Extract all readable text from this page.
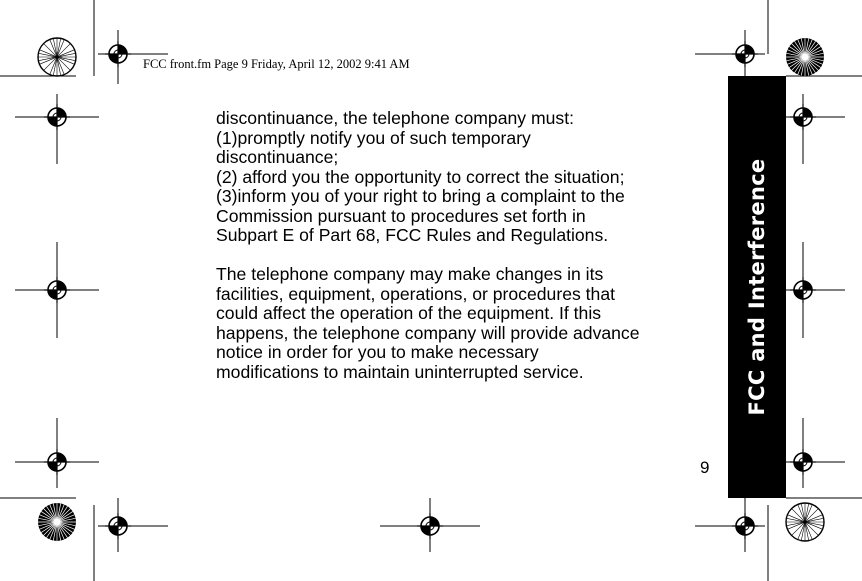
FCC front.fm Page 9 Friday, April 12, 2002 9:41 AM

discontinuance, the telephone company must:

(1)promptly notify you of such temporary

discontinuance;

(2) afford you the opportunity to correct the situation;

(3)inform you of your right to bring a complaint to the

Commission pursuant to procedures set forth in

Subpart E of Part 68, FCC Rules and Regulations.

The telephone company may make changes in its

facilities, equipment, operations, or procedures that

could affect the operation of the equipment. If this

happens, the telephone company will provide advance

notice in order for you to make necessary

modifications to maintain uninterrupted service.	FCC and Interference
9
